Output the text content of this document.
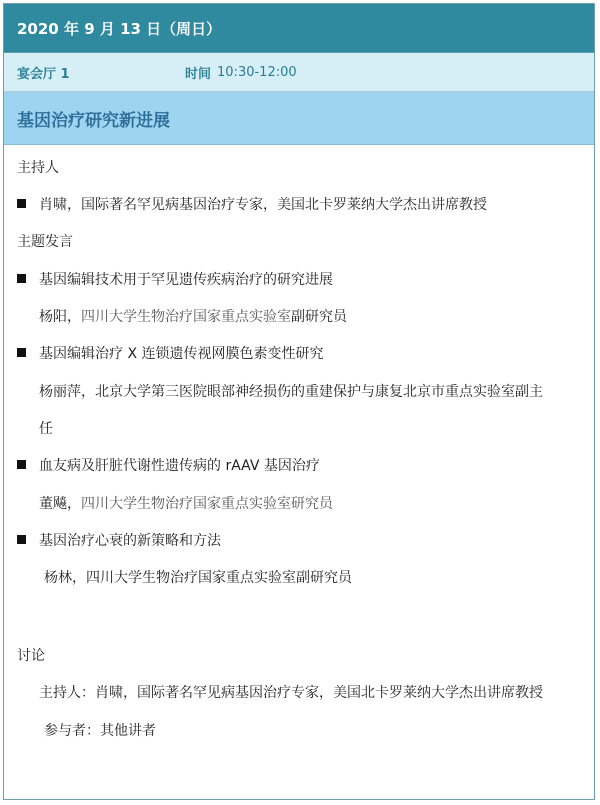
2020 年 9 月 13 日（周日）
宴会厅 1	时间 10:30-12:00
基因治疗研究新进展
主持人
肖啸，国际著名罕见病基因治疗专家，美国北卡罗莱纳大学杰出讲席教授
主题发言
基因编辑技术用于罕见遗传疾病治疗的研究进展
杨阳，四川大学生物治疗国家重点实验室副研究员
基因编辑治疗 X 连锁遗传视网膜色素变性研究
杨丽萍，北京大学第三医院眼部神经损伤的重建保护与康复北京市重点实验室副主
任
血友病及肝脏代谢性遗传病的 rAAV 基因治疗
董飚，四川大学生物治疗国家重点实验室研究员
基因治疗心衰的新策略和方法
杨林，四川大学生物治疗国家重点实验室副研究员
讨论
主持人：肖啸，国际著名罕见病基因治疗专家，美国北卡罗莱纳大学杰出讲席教授
参与者：其他讲者
